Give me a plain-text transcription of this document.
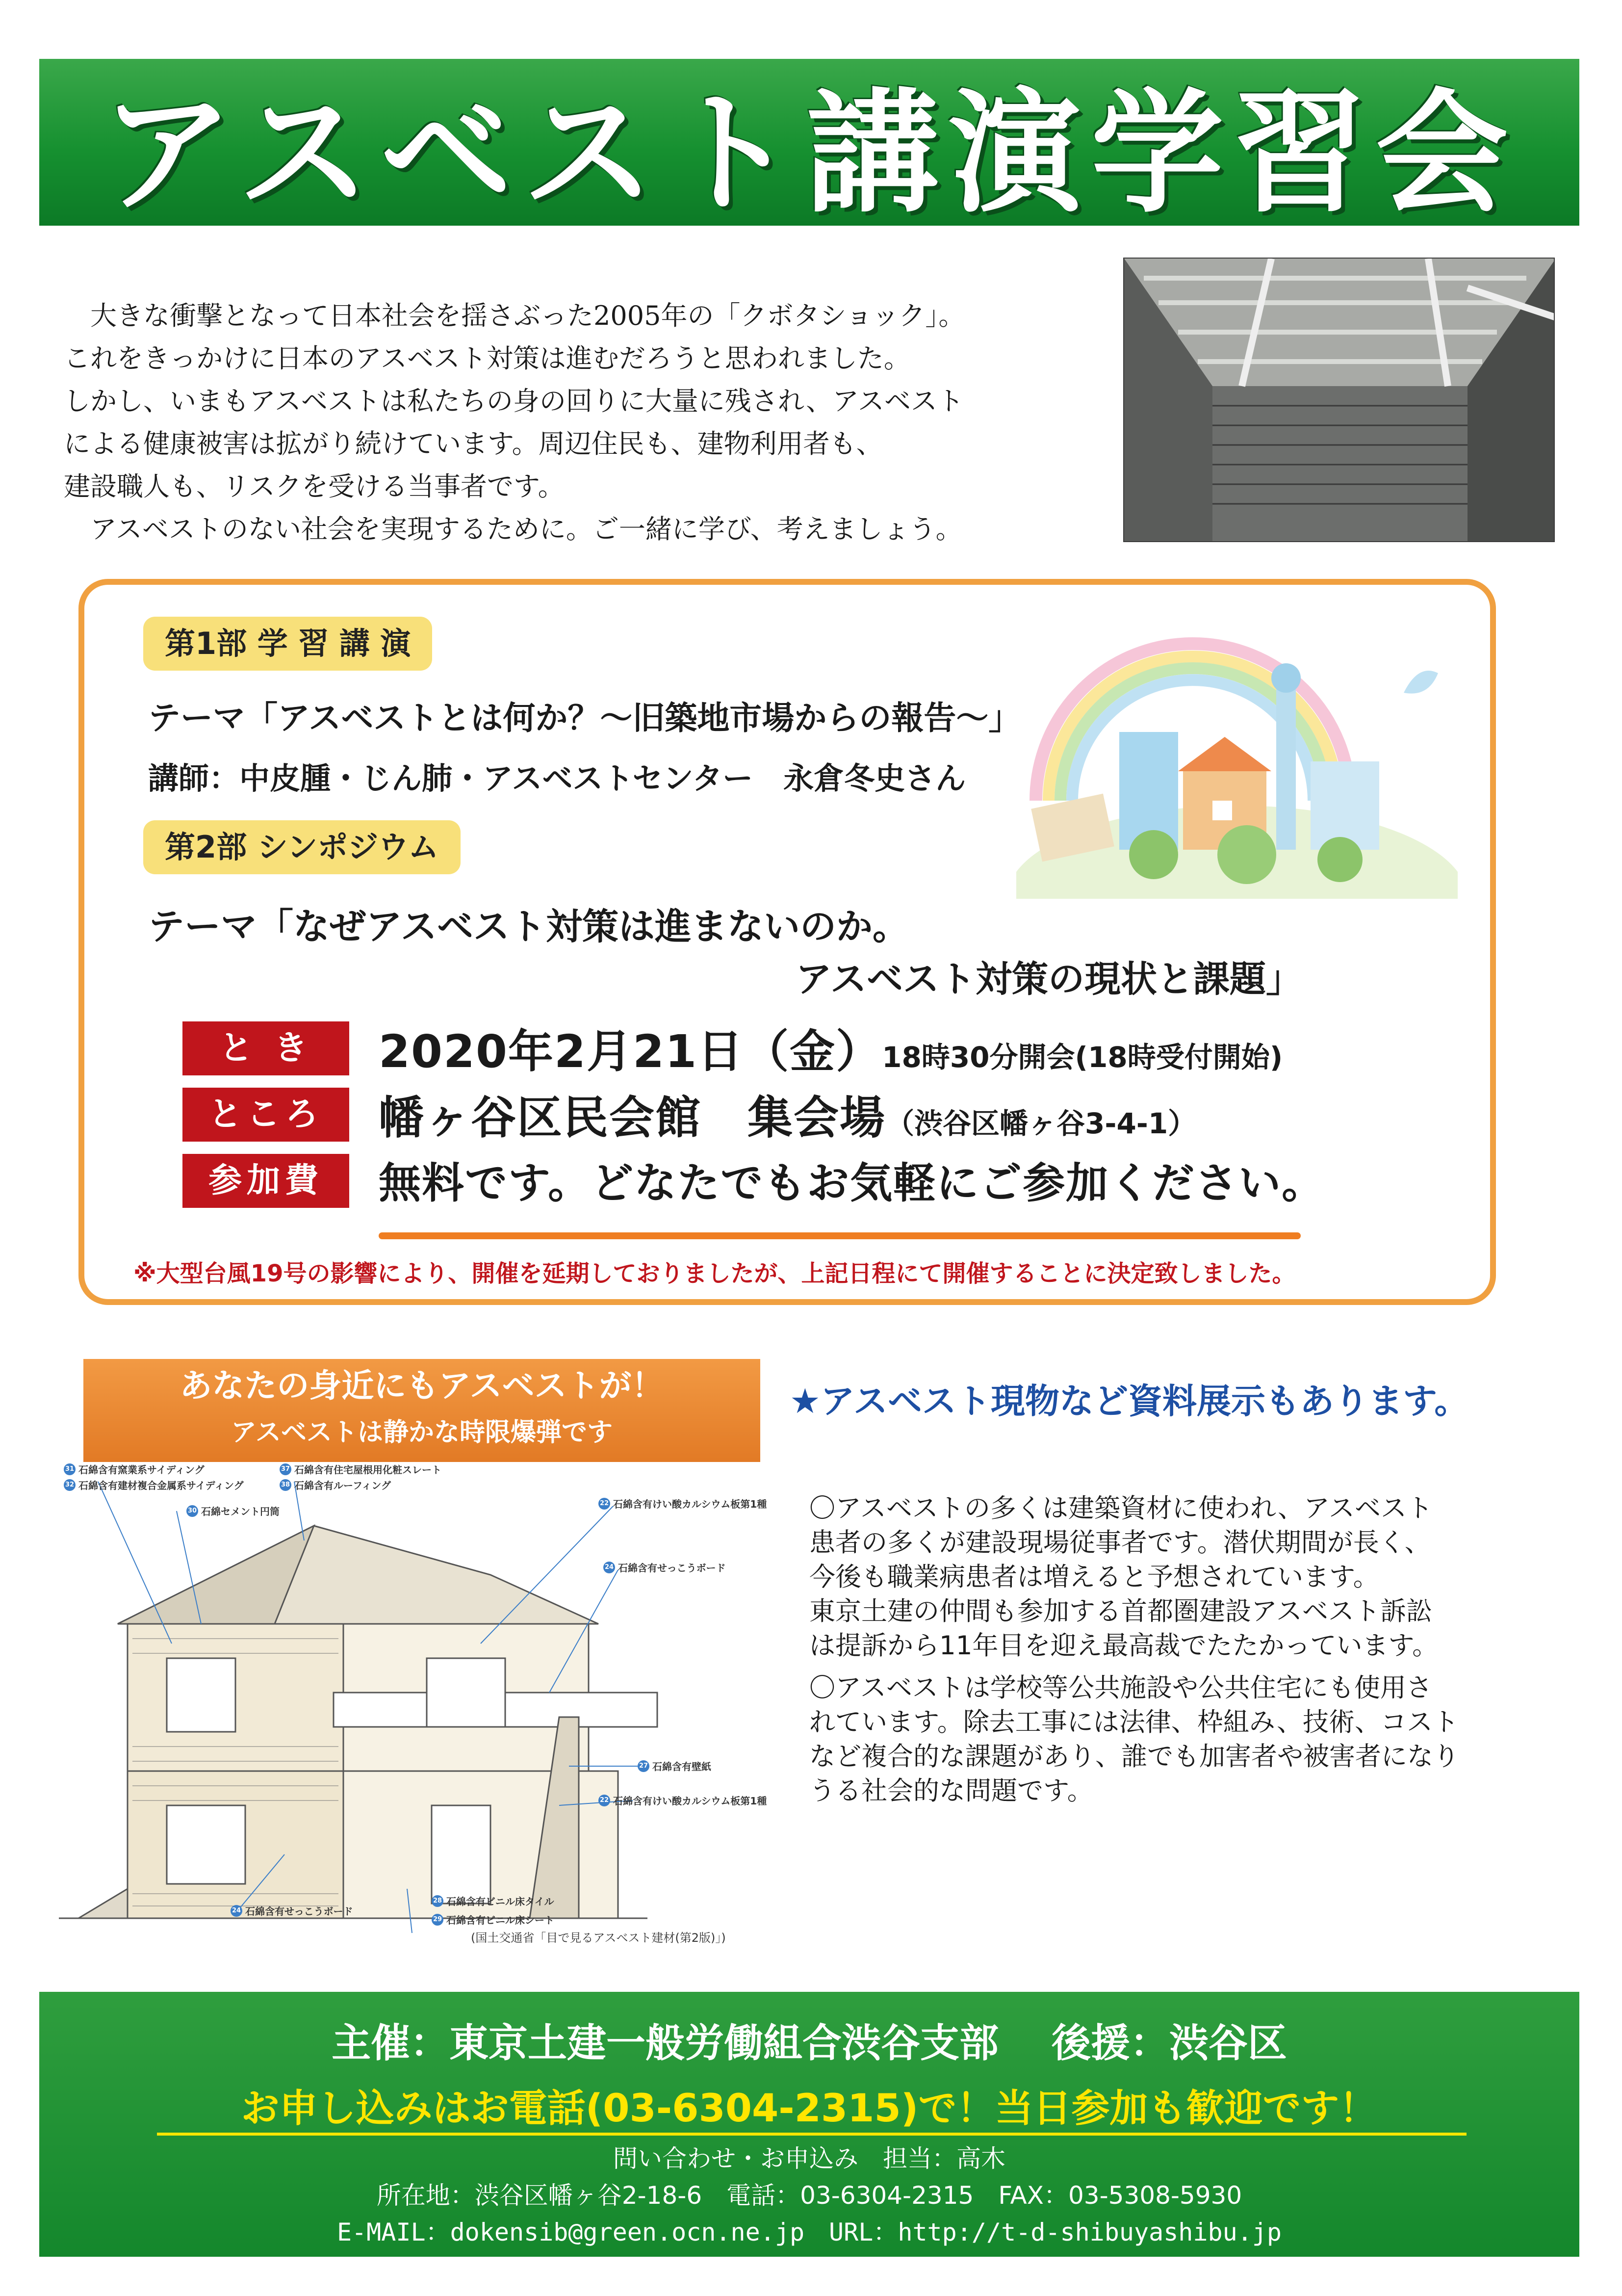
アスベスト講演学習会

　大きな衝撃となって日本社会を揺さぶった2005年の「クボタショック」。

これをきっかけに日本のアスベスト対策は進むだろうと思われました。

しかし、いまもアスベストは私たちの身の回りに大量に残され、アスベスト

による健康被害は拡がり続けています。周辺住民も、建物利用者も、

建設職人も、リスクを受ける当事者です。

　アスベストのない社会を実現するために。ご一緒に学び、考えましょう。

第1部 学 習 講 演
テーマ「アスベストとは何か？～旧築地市場からの報告～」
講師：中皮腫・じん肺・アスベストセンター　永倉冬史さん
第2部 シンポジウム
テーマ「なぜアスベスト対策は進まないのか。
アスベスト対策の現状と課題」
と き	2020年2月21日（金）18時30分開会(18時受付開始)
ところ	幡ヶ谷区民会館　集会場（渋谷区幡ヶ谷3-4-1）
参加費	無料です。どなたでもお気軽にご参加ください。
※大型台風19号の影響により、開催を延期しておりましたが、上記日程にて開催することに決定致しました。
あなたの身近にもアスベストが！
アスベストは静かな時限爆弾です
31 石綿含有窯業系サイディング
32 石綿含有建材複合金属系サイディング
30 石綿セメント円筒
37 石綿含有住宅屋根用化粧スレート
38 石綿含有ルーフィング
22 石綿含有けい酸カルシウム板第1種
24 石綿含有せっこうボード
27 石綿含有壁紙
22 石綿含有けい酸カルシウム板第1種
28 石綿含有ビニル床タイル
29 石綿含有ビニル床シート
24 石綿含有せっこうボード
(国土交通省「目で見るアスベスト建材(第2版)」)
★アスベスト現物など資料展示もあります。

〇アスベストの多くは建築資材に使われ、アスベスト

患者の多くが建設現場従事者です。潜伏期間が長く、

今後も職業病患者は増えると予想されています。

東京土建の仲間も参加する首都圏建設アスベスト訴訟

は提訴から11年目を迎え最高裁でたたかっています。

〇アスベストは学校等公共施設や公共住宅にも使用さ

れています。除去工事には法律、枠組み、技術、コスト

など複合的な課題があり、誰でも加害者や被害者になり

うる社会的な問題です。

主催：東京土建一般労働組合渋谷支部　 後援：渋谷区
お申し込みはお電話(03-6304-2315)で！当日参加も歓迎です！
問い合わせ・お申込み　担当：高木
所在地：渋谷区幡ヶ谷2-18-6　電話：03-6304-2315　FAX：03-5308-5930
E-MAIL：dokensib@green.ocn.ne.jp　URL：http://t-d-shibuyashibu.jp
